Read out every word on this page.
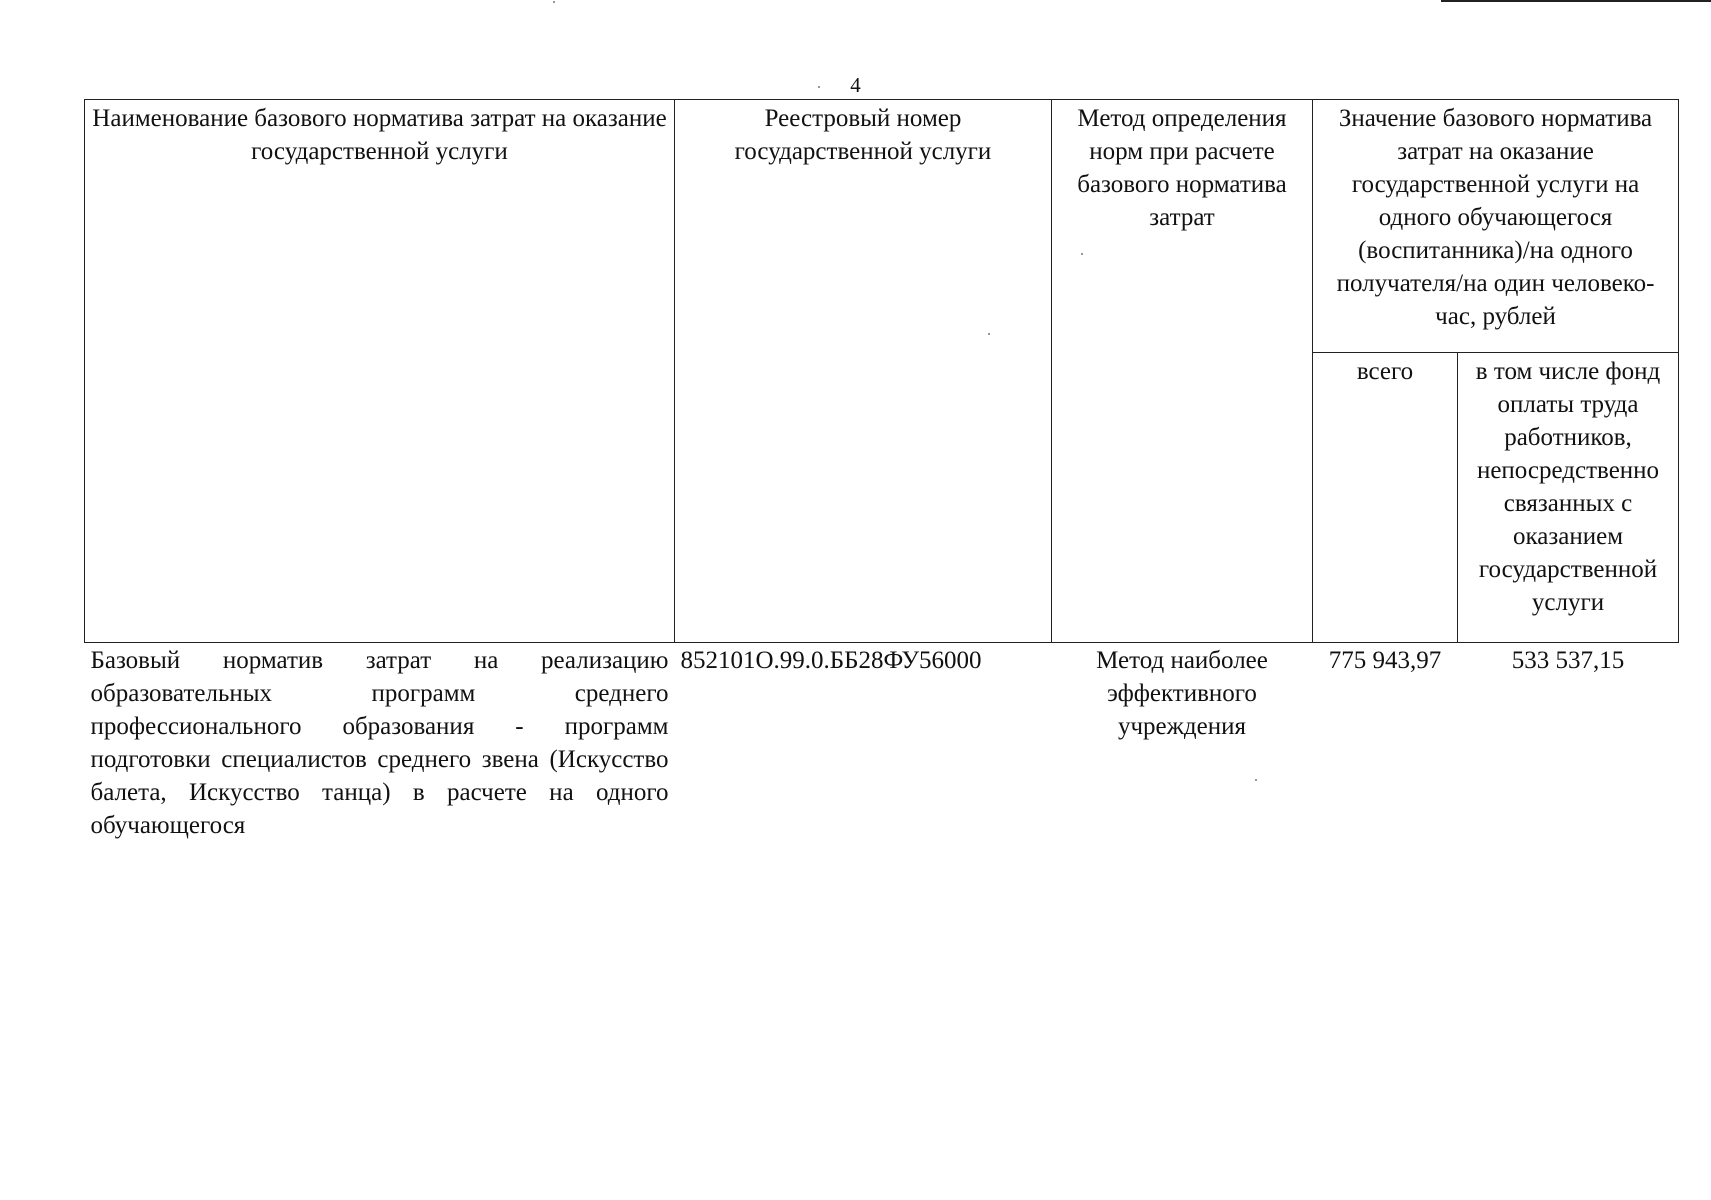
4
Наименование базового норматива затрат на оказание государственной услуги	Реестровый номер государственной услуги	Метод определения норм при расчете базового норматива затрат	Значение базового норматива затрат на оказание государственной услуги на одного обучающегося (воспитанника)/на одного получателя/на один человеко-час, рублей	
			всего	в том числе фонд оплаты труда работников, непосредственно связанных с оказанием государственной услуги
Базовый норматив затрат на реализацию образовательных программ среднего профессионального образования - программ подготовки специалистов среднего звена (Искусство балета, Искусство танца) в расчете на одного обучающегося	852101О.99.0.ББ28ФУ56000	Метод наиболее эффективного учреждения	775 943,97	533 537,15
